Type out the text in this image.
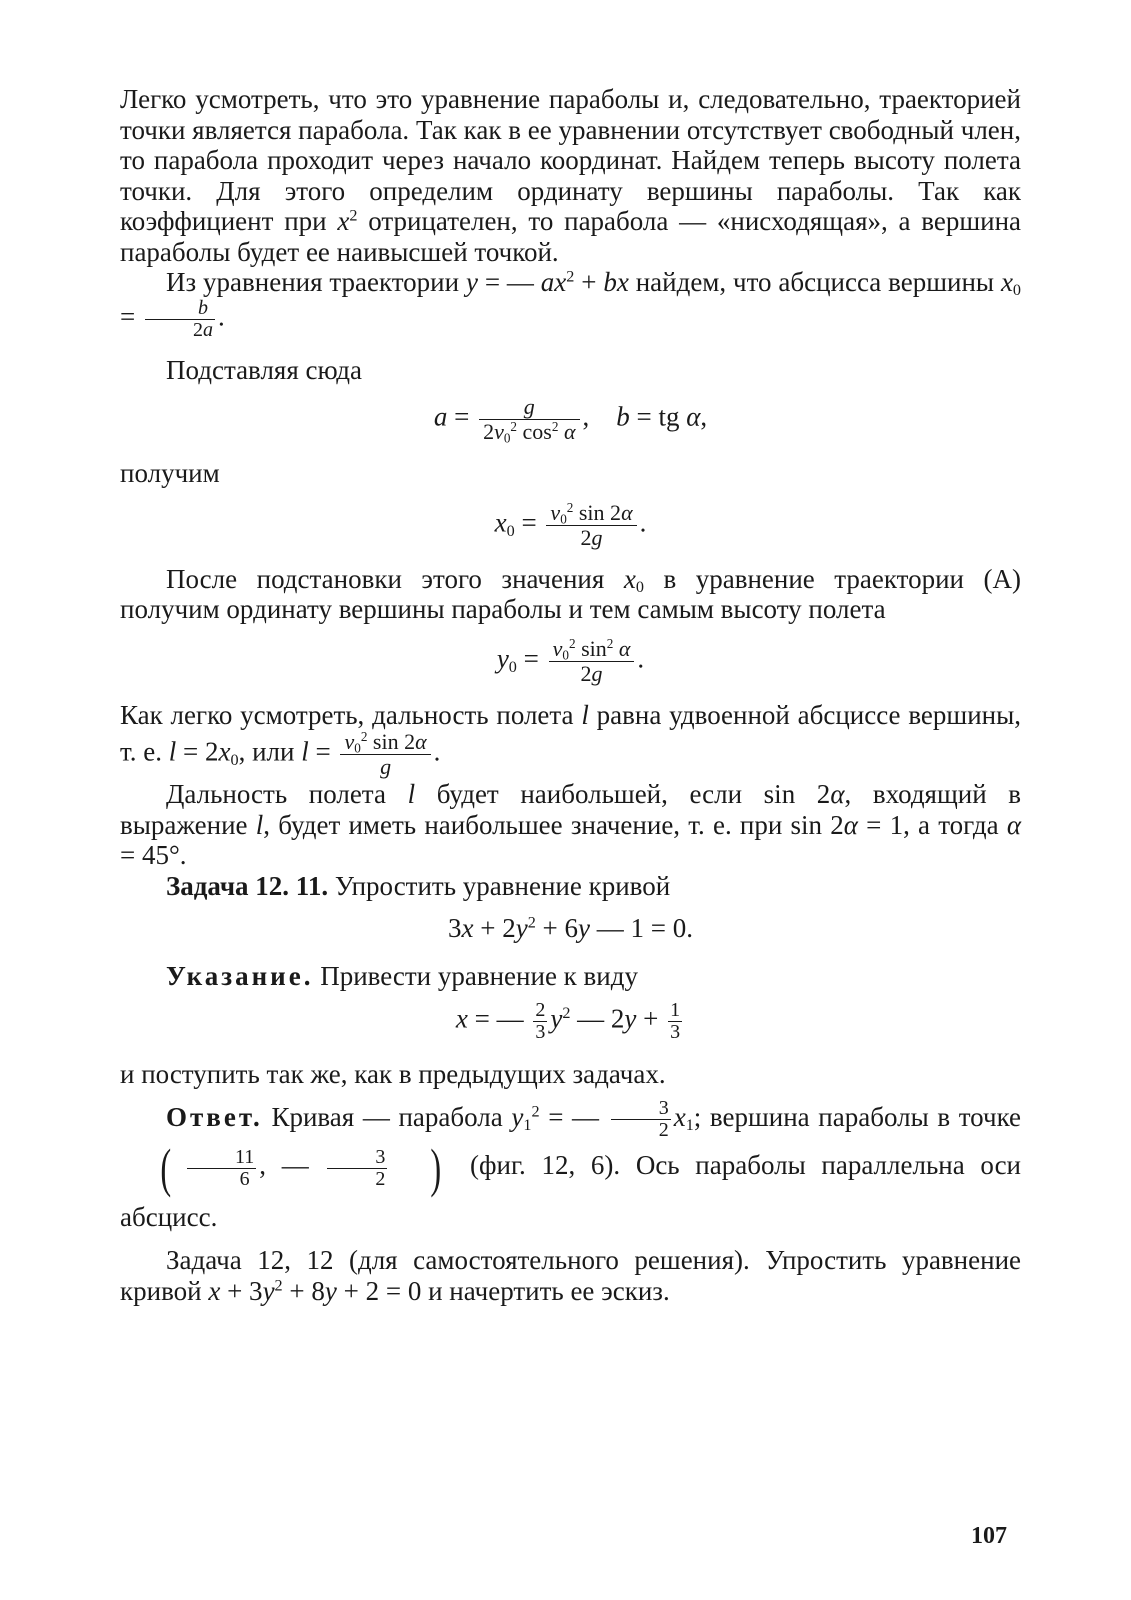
Легко усмотреть, что это уравнение параболы и, следовательно, траекторией точки является парабола. Так как в ее уравнении отсутствует свободный член, то парабола проходит через начало координат. Найдем теперь высоту полета точки. Для этого определим ординату вершины параболы. Так как коэффициент при $x^2$ отрицателен, то парабола — «нисходящая», а вершина параболы будет ее наивысшей точкой.

Из уравнения траектории y = — $ax^2$ + bx найдем, что абсцисса вершины $x_0 = \frac{b}{2a}$ .

Подставляя сюда

$a = \frac{g}{2v_0^2 \cos^2 \alpha}$ ,    b = tg α,

получим

$x_0 = \frac{v_0^2 \sin 2\alpha}{2g}$ .

После подстановки этого значения $x_0$ в уравнение траектории (A) получим ординату вершины параболы и тем самым высоту полета

$y_0 = \frac{v_0^2 \sin^2 \alpha}{2g}$ .

Как легко усмотреть, дальность полета l равна удвоенной абсциссе вершины, т. е. $l = 2x_0$, или $l = \frac{v_0^2 \sin 2\alpha}{g}$ .

Дальность полета l будет наибольшей, если sin 2α, входящий в выражение l, будет иметь наибольшее значение, т. е. при sin 2α = 1, а тогда α = 45°.

Задача 12. 11. Упростить уравнение кривой

$3x + 2y^2 + 6y$ — 1 = 0.

Указание. Привести уравнение к виду

x = — $\frac{2}{3} y^2$ — $2y + \frac{1}{3}$

и поступить так же, как в предыдущих задачах.

Ответ. Кривая — парабола $y_1^2$ = — $\frac{3}{2} x_1$; вершина параболы в точке ( $\frac{11}{6}$ , — $\frac{3}{2}$ ) (фиг. 12, 6). Ось параболы параллельна оси абсцисс.

Задача 12, 12 (для самостоятельного решения). Упростить уравнение кривой $x + 3y^2 + 8y + 2 = 0$ и начертить ее эскиз.

107
